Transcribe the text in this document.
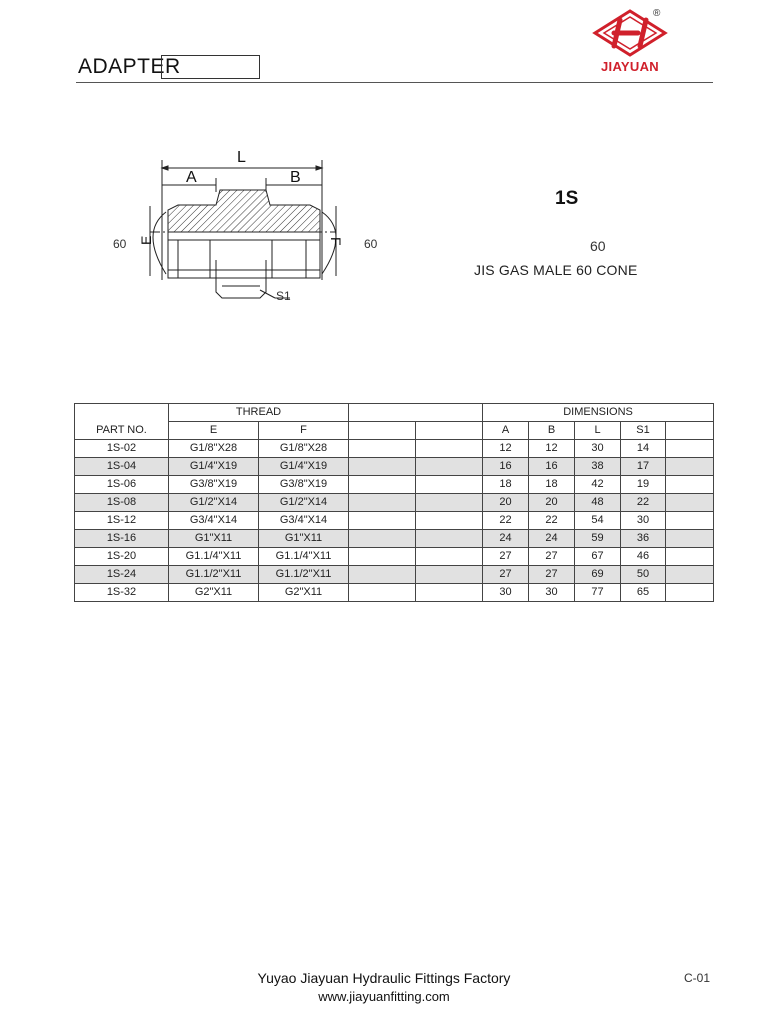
ADAPTER
®
JIAYUAN
L
A	B
E	F
60	60
S1
1S
60
JIS GAS MALE 60 CONE
PART NO.	THREAD				DIMENSIONS				
	E	F			A	B	L	S1	
1S-02	G1/8"X28	G1/8"X28			12	12	30	14	
1S-04	G1/4"X19	G1/4"X19			16	16	38	17	
1S-06	G3/8"X19	G3/8"X19			18	18	42	19	
1S-08	G1/2"X14	G1/2"X14			20	20	48	22	
1S-12	G3/4"X14	G3/4"X14			22	22	54	30	
1S-16	G1"X11	G1"X11			24	24	59	36	
1S-20	G1.1/4"X11	G1.1/4"X11			27	27	67	46	
1S-24	G1.1/2"X11	G1.1/2"X11			27	27	69	50	
1S-32	G2"X11	G2"X11			30	30	77	65	
Yuyao Jiayuan Hydraulic Fittings Factory
www.jiayuanfitting.com
C-01
